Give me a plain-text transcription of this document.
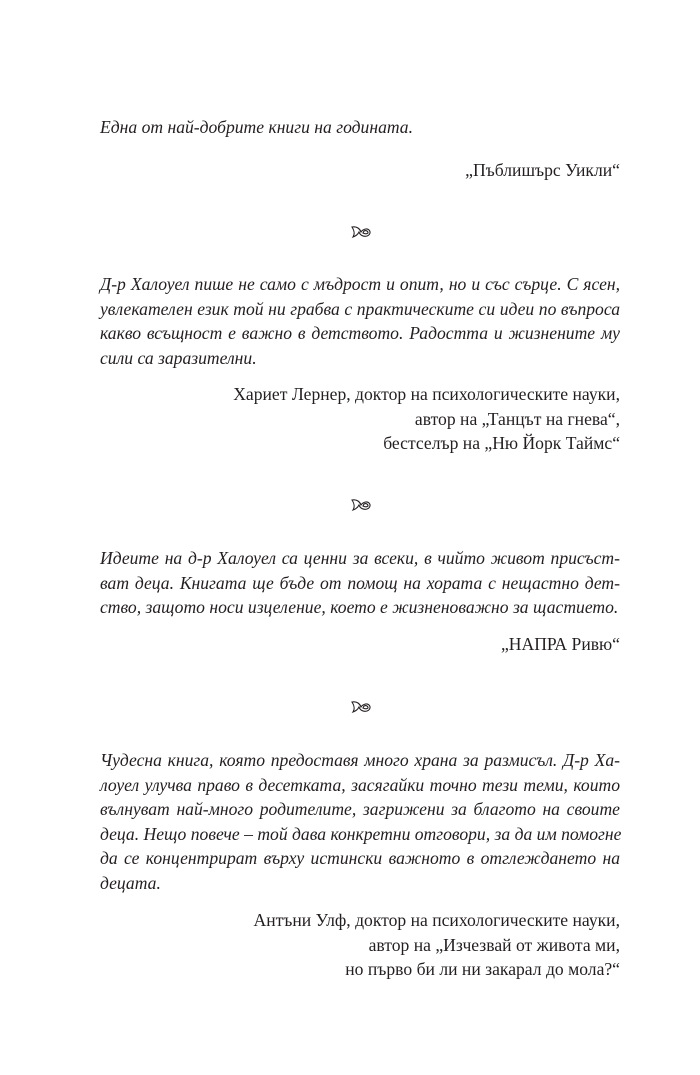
Една от най-добрите книги на годината.

„Пъблишърс Уикли“

Д-р Халоуел пише не само с мъдрост и опит, но и със сърце. С ясен,
увлекателен език той ни грабва с практическите си идеи по въпроса
какво всъщност е важно в детството. Радостта и жизнените му
сили са заразителни.

Хариет Лернер, доктор на психологическите науки,
автор на „Танцът на гнева“,
бестселър на „Ню Йорк Таймс“

Идеите на д-р Халоуел са ценни за всеки, в чийто живот присъст-
ват деца. Книгата ще бъде от помощ на хората с нещастно дет-
ство, защото носи изцеление, което е жизненоважно за щастието.

„НАПРА Ривю“

Чудесна книга, която предоставя много храна за размисъл. Д-р Ха-
лоуел улучва право в десетката, засягайки точно тези теми, които
вълнуват най-много родителите, загрижени за благото на своите
деца. Нещо повече – той дава конкретни отговори, за да им помогне
да се концентрират върху истински важното в отглеждането на
децата.

Антъни Улф, доктор на психологическите науки,
автор на „Изчезвай от живота ми,
но първо би ли ни закарал до мола?“
